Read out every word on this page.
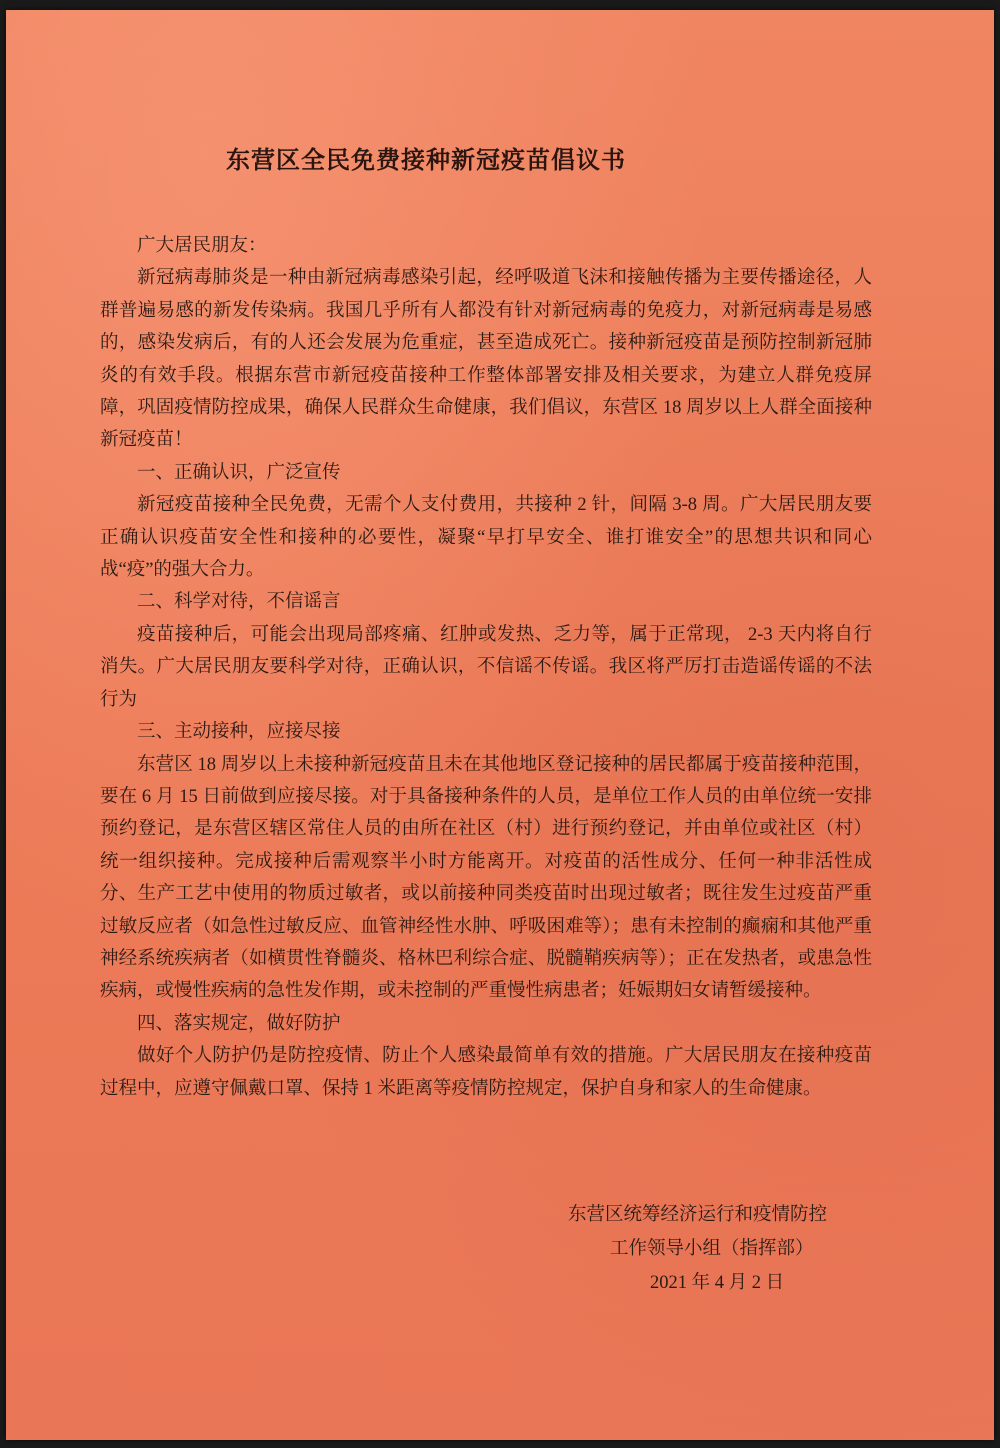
东营区全民免费接种新冠疫苗倡议书

广大居民朋友：

新冠病毒肺炎是一种由新冠病毒感染引起，经呼吸道飞沫和接触传播为主要传播途径，人群普遍易感的新发传染病。我国几乎所有人都没有针对新冠病毒的免疫力，对新冠病毒是易感的，感染发病后，有的人还会发展为危重症，甚至造成死亡。接种新冠疫苗是预防控制新冠肺炎的有效手段。根据东营市新冠疫苗接种工作整体部署安排及相关要求，为建立人群免疫屏障，巩固疫情防控成果，确保人民群众生命健康，我们倡议，东营区 18 周岁以上人群全面接种新冠疫苗！

一、正确认识，广泛宣传

新冠疫苗接种全民免费，无需个人支付费用，共接种 2 针，间隔 3-8 周。广大居民朋友要正确认识疫苗安全性和接种的必要性，凝聚“早打早安全、谁打谁安全”的思想共识和同心战“疫”的强大合力。

二、科学对待，不信谣言

疫苗接种后，可能会出现局部疼痛、红肿或发热、乏力等，属于正常现， 2-3 天内将自行消失。广大居民朋友要科学对待，正确认识，不信谣不传谣。我区将严厉打击造谣传谣的不法行为

三、主动接种，应接尽接

东营区 18 周岁以上未接种新冠疫苗且未在其他地区登记接种的居民都属于疫苗接种范围，要在 6 月 15 日前做到应接尽接。对于具备接种条件的人员，是单位工作人员的由单位统一安排预约登记，是东营区辖区常住人员的由所在社区（村）进行预约登记，并由单位或社区（村）统一组织接种。完成接种后需观察半小时方能离开。对疫苗的活性成分、任何一种非活性成分、生产工艺中使用的物质过敏者，或以前接种同类疫苗时出现过敏者；既往发生过疫苗严重过敏反应者（如急性过敏反应、血管神经性水肿、呼吸困难等）；患有未控制的癫痫和其他严重神经系统疾病者（如横贯性脊髓炎、格林巴利综合症、脱髓鞘疾病等）；正在发热者，或患急性疾病，或慢性疾病的急性发作期，或未控制的严重慢性病患者；妊娠期妇女请暂缓接种。

四、落实规定，做好防护

做好个人防护仍是防控疫情、防止个人感染最简单有效的措施。广大居民朋友在接种疫苗过程中，应遵守佩戴口罩、保持 1 米距离等疫情防控规定，保护自身和家人的生命健康。

东营区统筹经济运行和疫情防控
工作领导小组（指挥部）
2021 年 4 月 2 日
